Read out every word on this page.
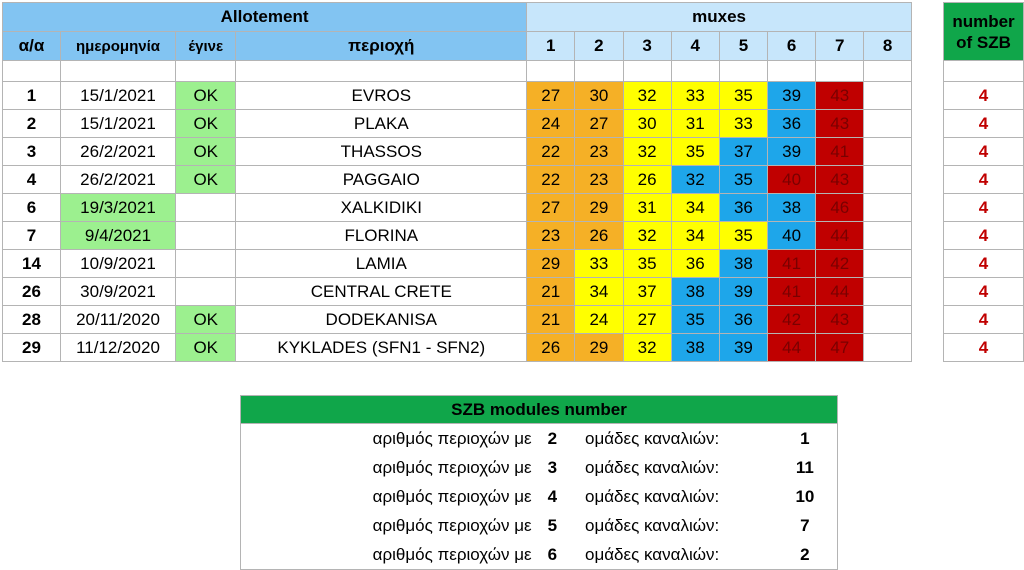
Allotement				muxes									number
of SZB

α/α	ημερομηνία	έγινε	περιοχή	1	2	3	4	5	6	7	8		

1	15/1/2021	OK	EVROS	27	30	32	33	35	39	43			4
2	15/1/2021	OK	PLAKA	24	27	30	31	33	36	43			4
3	26/2/2021	OK	THASSOS	22	23	32	35	37	39	41			4
4	26/2/2021	OK	PAGGAIO	22	23	26	32	35	40	43			4
6	19/3/2021		XALKIDIKI	27	29	31	34	36	38	46			4
7	9/4/2021		FLORINA	23	26	32	34	35	40	44			4
14	10/9/2021		LAMIA	29	33	35	36	38	41	42			4
26	30/9/2021		CENTRAL CRETE	21	34	37	38	39	41	44			4
28	20/11/2020	OK	DODEKANISA	21	24	27	35	36	42	43			4
29	11/12/2020	OK	KYKLADES (SFN1 - SFN2)	26	29	32	38	39	44	47			4
SZB modules number			
αριθμός περιοχών με	2	ομάδες καναλιών:	1
αριθμός περιοχών με	3	ομάδες καναλιών:	11
αριθμός περιοχών με	4	ομάδες καναλιών:	10
αριθμός περιοχών με	5	ομάδες καναλιών:	7
αριθμός περιοχών με	6	ομάδες καναλιών:	2
